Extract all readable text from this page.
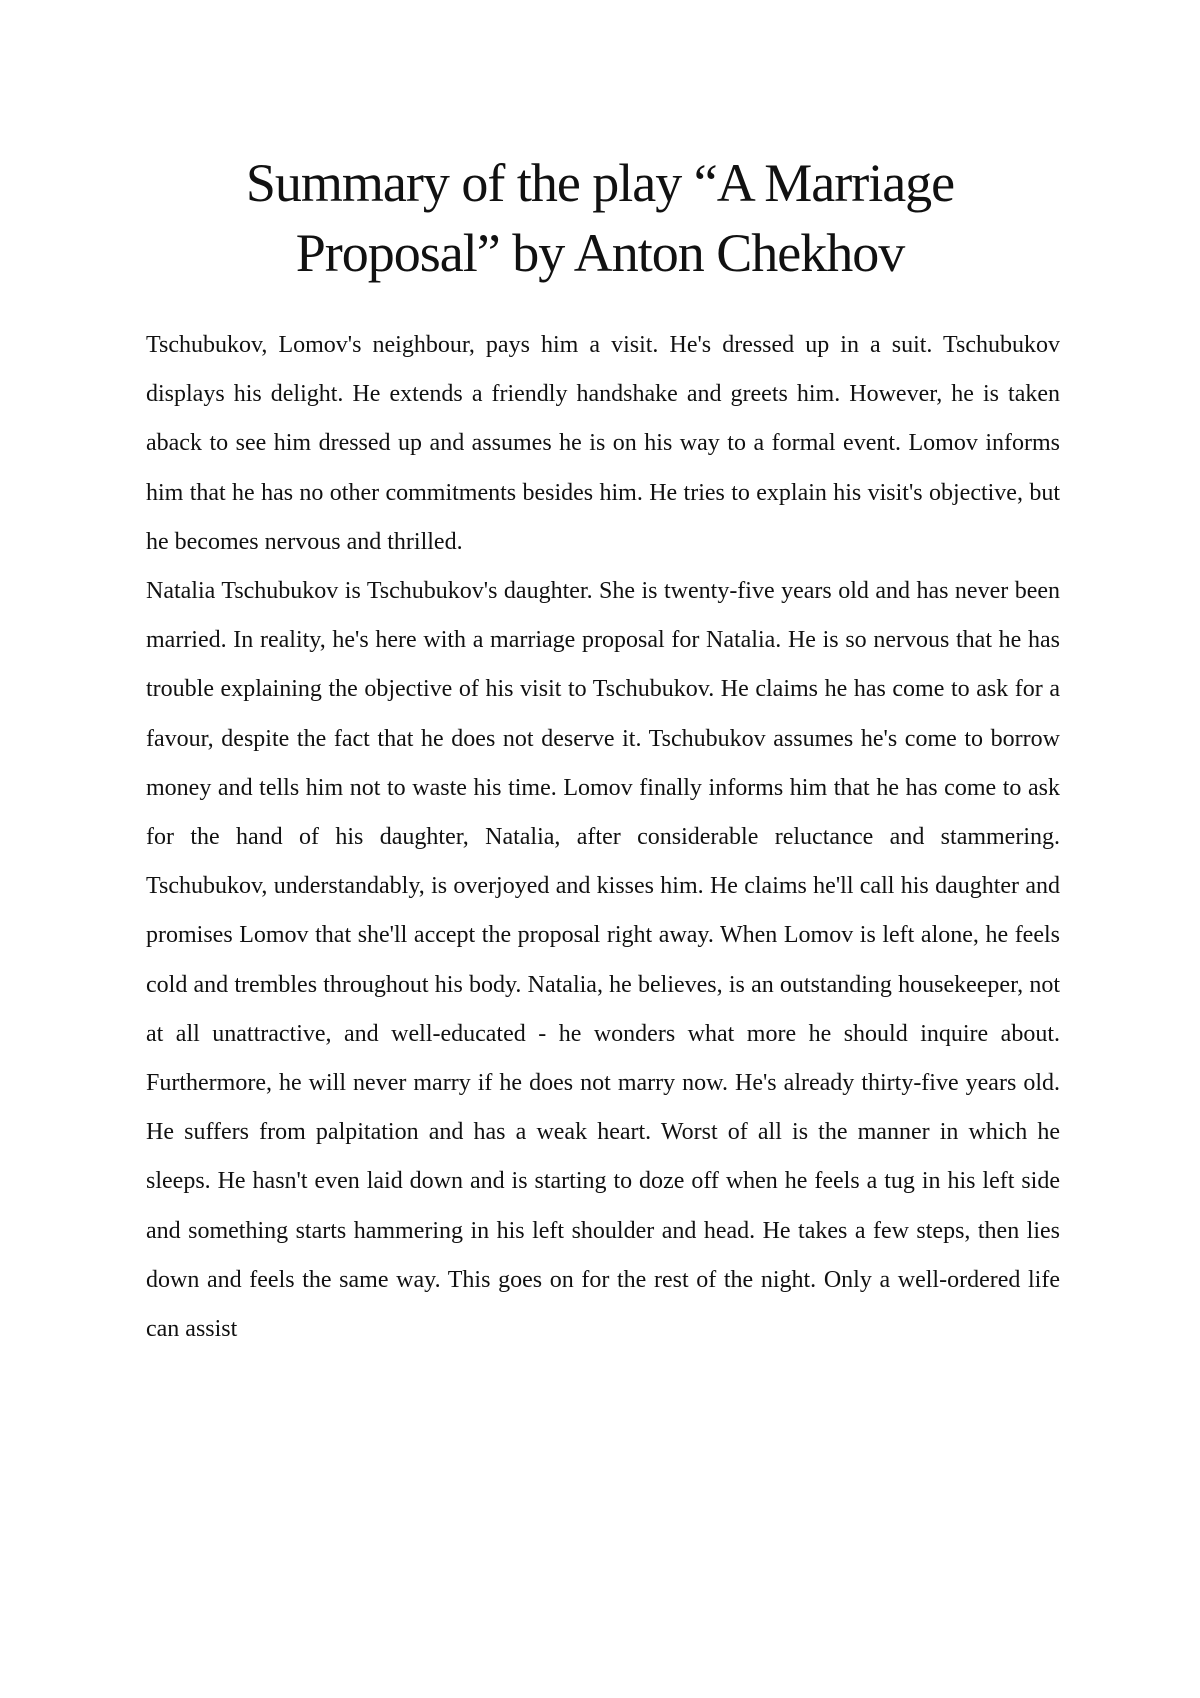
Summary of the play “A Marriage Proposal” by Anton Chekhov

Tschubukov, Lomov's neighbour, pays him a visit. He's dressed up in a suit. Tschubukov displays his delight. He extends a friendly handshake and greets him. However, he is taken aback to see him dressed up and assumes he is on his way to a formal event. Lomov informs him that he has no other commitments besides him. He tries to explain his visit's objective, but he becomes nervous and thrilled.

Natalia Tschubukov is Tschubukov's daughter. She is twenty-five years old and has never been married. In reality, he's here with a marriage proposal for Natalia. He is so nervous that he has trouble explaining the objective of his visit to Tschubukov. He claims he has come to ask for a favour, despite the fact that he does not deserve it. Tschubukov assumes he's come to borrow money and tells him not to waste his time. Lomov finally informs him that he has come to ask for the hand of his daughter, Natalia, after considerable reluctance and stammering. Tschubukov, understandably, is overjoyed and kisses him. He claims he'll call his daughter and promises Lomov that she'll accept the proposal right away. When Lomov is left alone, he feels cold and trembles throughout his body. Natalia, he believes, is an outstanding housekeeper, not at all unattractive, and well-educated - he wonders what more he should inquire about. Furthermore, he will never marry if he does not marry now. He's already thirty-five years old. He suffers from palpitation and has a weak heart. Worst of all is the manner in which he sleeps. He hasn't even laid down and is starting to doze off when he feels a tug in his left side and something starts hammering in his left shoulder and head. He takes a few steps, then lies down and feels the same way. This goes on for the rest of the night. Only a well-ordered life can assist
